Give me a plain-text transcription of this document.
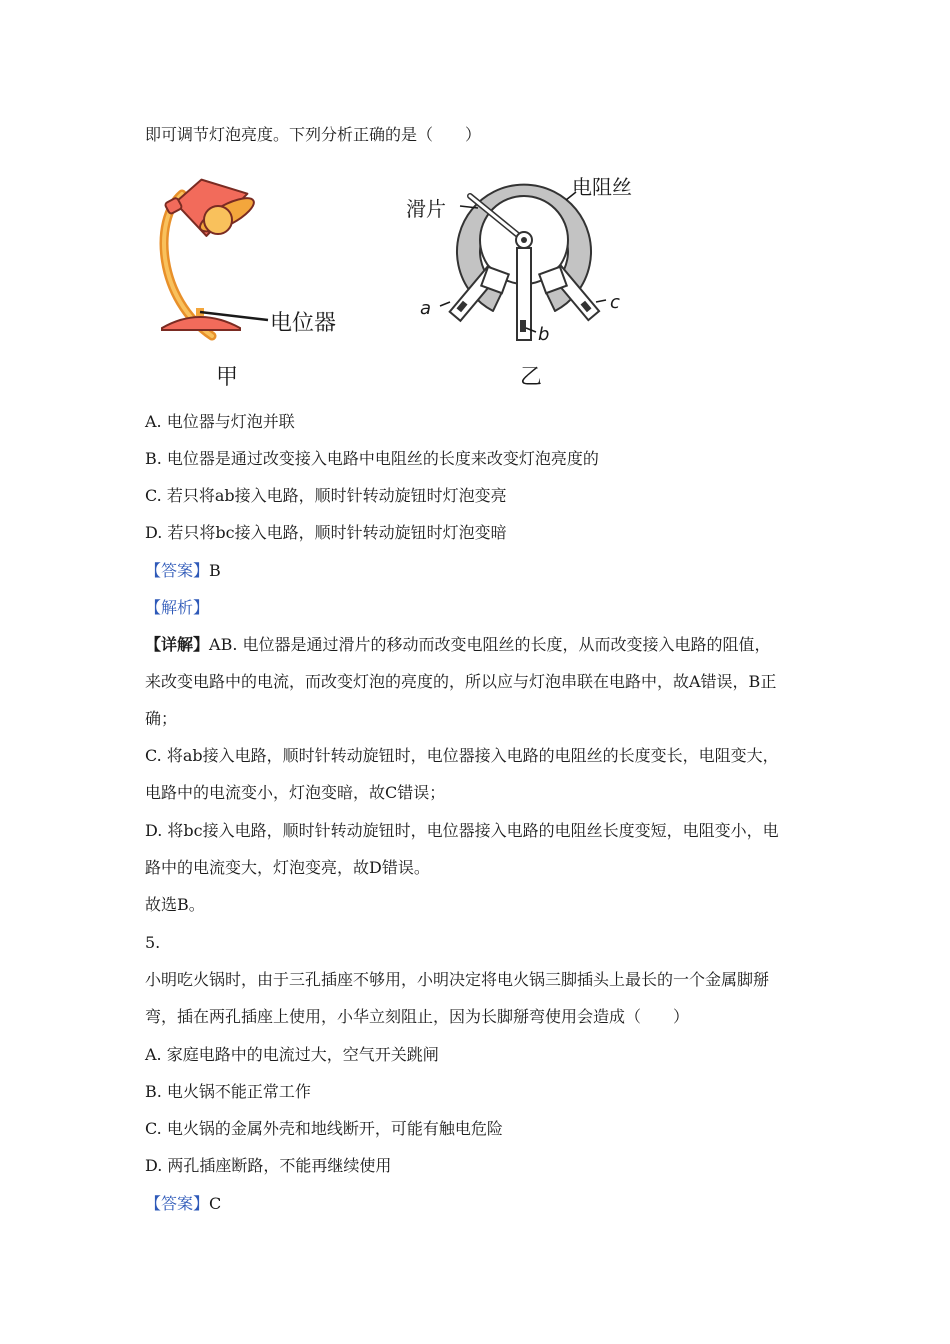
即可调节灯泡亮度。下列分析正确的是（　　）
电位器
甲
滑片
电阻丝
a
b
c
乙
A. 电位器与灯泡并联
B. 电位器是通过改变接入电路中电阻丝的长度来改变灯泡亮度的
C. 若只将ab接入电路，顺时针转动旋钮时灯泡变亮
D. 若只将bc接入电路，顺时针转动旋钮时灯泡变暗
【答案】B
【解析】
【详解】AB. 电位器是通过滑片的移动而改变电阻丝的长度，从而改变接入电路的阻值，
来改变电路中的电流，而改变灯泡的亮度的，所以应与灯泡串联在电路中，故A错误，B正
确；
C. 将ab接入电路，顺时针转动旋钮时，电位器接入电路的电阻丝的长度变长，电阻变大，
电路中的电流变小，灯泡变暗，故C错误；
D. 将bc接入电路，顺时针转动旋钮时，电位器接入电路的电阻丝长度变短，电阻变小，电
路中的电流变大，灯泡变亮，故D错误。
故选B。
5.
小明吃火锅时，由于三孔插座不够用，小明决定将电火锅三脚插头上最长的一个金属脚掰
弯，插在两孔插座上使用，小华立刻阻止，因为长脚掰弯使用会造成（　　）
A. 家庭电路中的电流过大，空气开关跳闸
B. 电火锅不能正常工作
C. 电火锅的金属外壳和地线断开，可能有触电危险
D. 两孔插座断路，不能再继续使用
【答案】C
